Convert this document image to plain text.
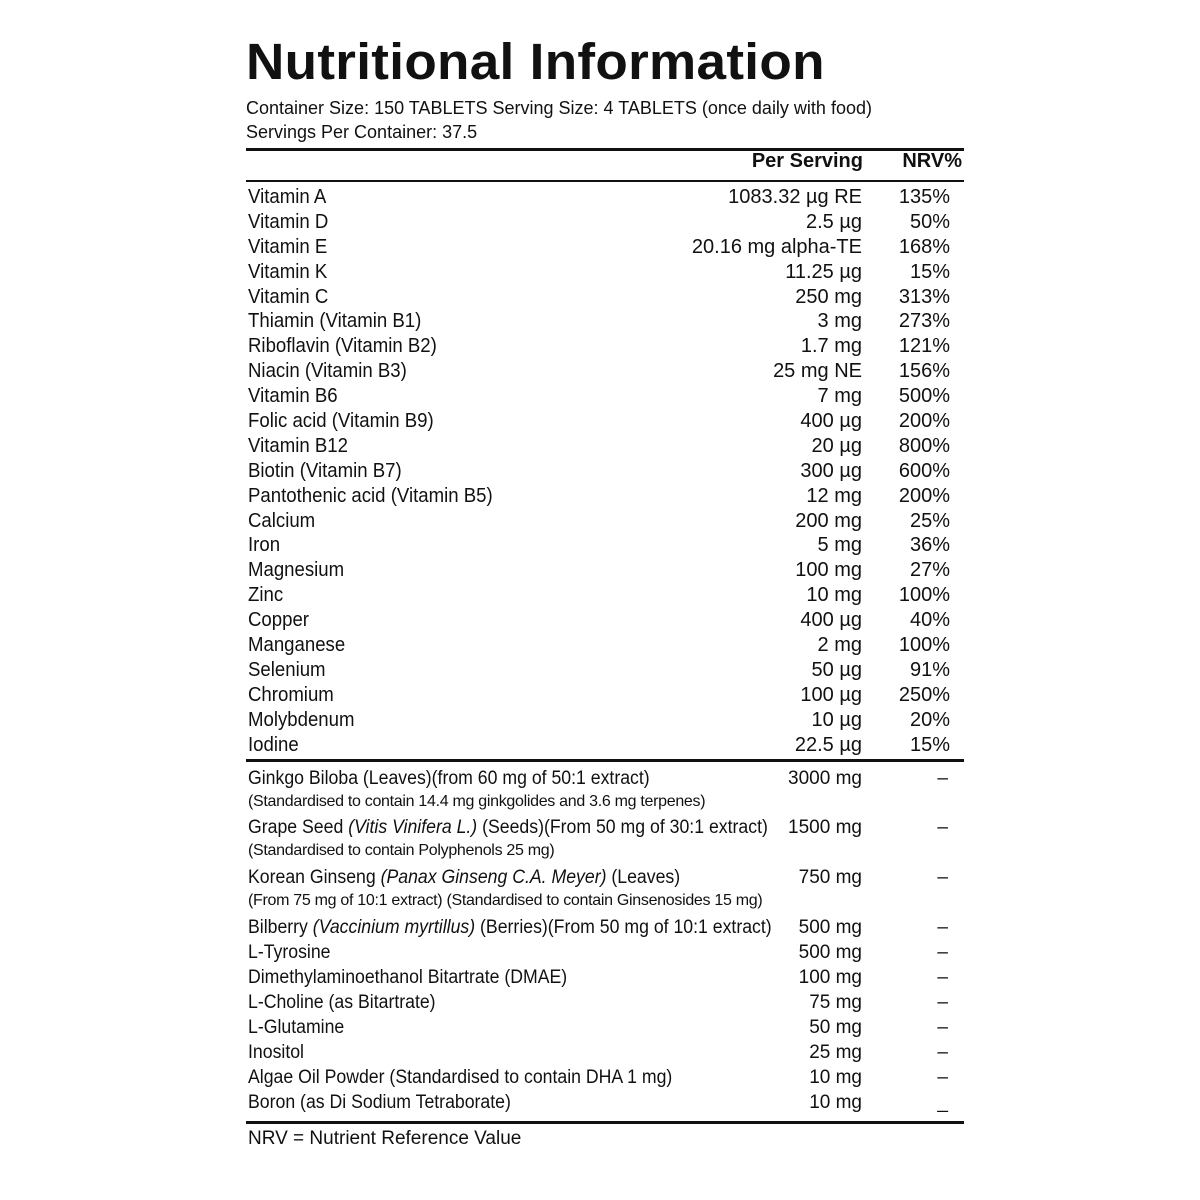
Nutritional Information

Container Size: 150 TABLETS Serving Size: 4 TABLETS (once daily with food)

Servings Per Container: 37.5

Per Serving	NRV%
Vitamin A	1083.32 µg RE 135%
Vitamin D	2.5 µg 50%
Vitamin E	20.16 mg alpha-TE 168%
Vitamin K	11.25 µg 15%
Vitamin C	250 mg 313%
Thiamin (Vitamin B1)	3 mg 273%
Riboflavin (Vitamin B2)	1.7 mg 121%
Niacin (Vitamin B3)	25 mg NE 156%
Vitamin B6	7 mg 500%
Folic acid (Vitamin B9)	400 µg 200%
Vitamin B12	20 µg 800%
Biotin (Vitamin B7)	300 µg 600%
Pantothenic acid (Vitamin B5)	12 mg 200%
Calcium	200 mg 25%
Iron	5 mg 36%
Magnesium	100 mg 27%
Zinc	10 mg 100%
Copper	400 µg 40%
Manganese	2 mg 100%
Selenium	50 µg 91%
Chromium	100 µg 250%
Molybdenum	10 µg 20%
Iodine	22.5 µg 15%
Ginkgo Biloba (Leaves)(from 60 mg of 50:1 extract)	3000 mg	–
(Standardised to contain 14.4 mg ginkgolides and 3.6 mg terpenes)
Grape Seed (Vitis Vinifera L.) (Seeds)(From 50 mg of 30:1 extract) 1500 mg	–
(Standardised to contain Polyphenols 25 mg)
Korean Ginseng (Panax Ginseng C.A. Meyer) (Leaves)	750 mg	–
(From 75 mg of 10:1 extract) (Standardised to contain Ginsenosides 15 mg)
Bilberry (Vaccinium myrtillus) (Berries)(From 50 mg of 10:1 extract) 500 mg	–
L-Tyrosine	500 mg	–
Dimethylaminoethanol Bitartrate (DMAE)	100 mg	–
L-Choline (as Bitartrate)	75 mg	–
L-Glutamine	50 mg	–
Inositol	25 mg	–
Algae Oil Powder (Standardised to contain DHA 1 mg)	10 mg	–
Boron (as Di Sodium Tetraborate)	10 mg	_
NRV = Nutrient Reference Value
